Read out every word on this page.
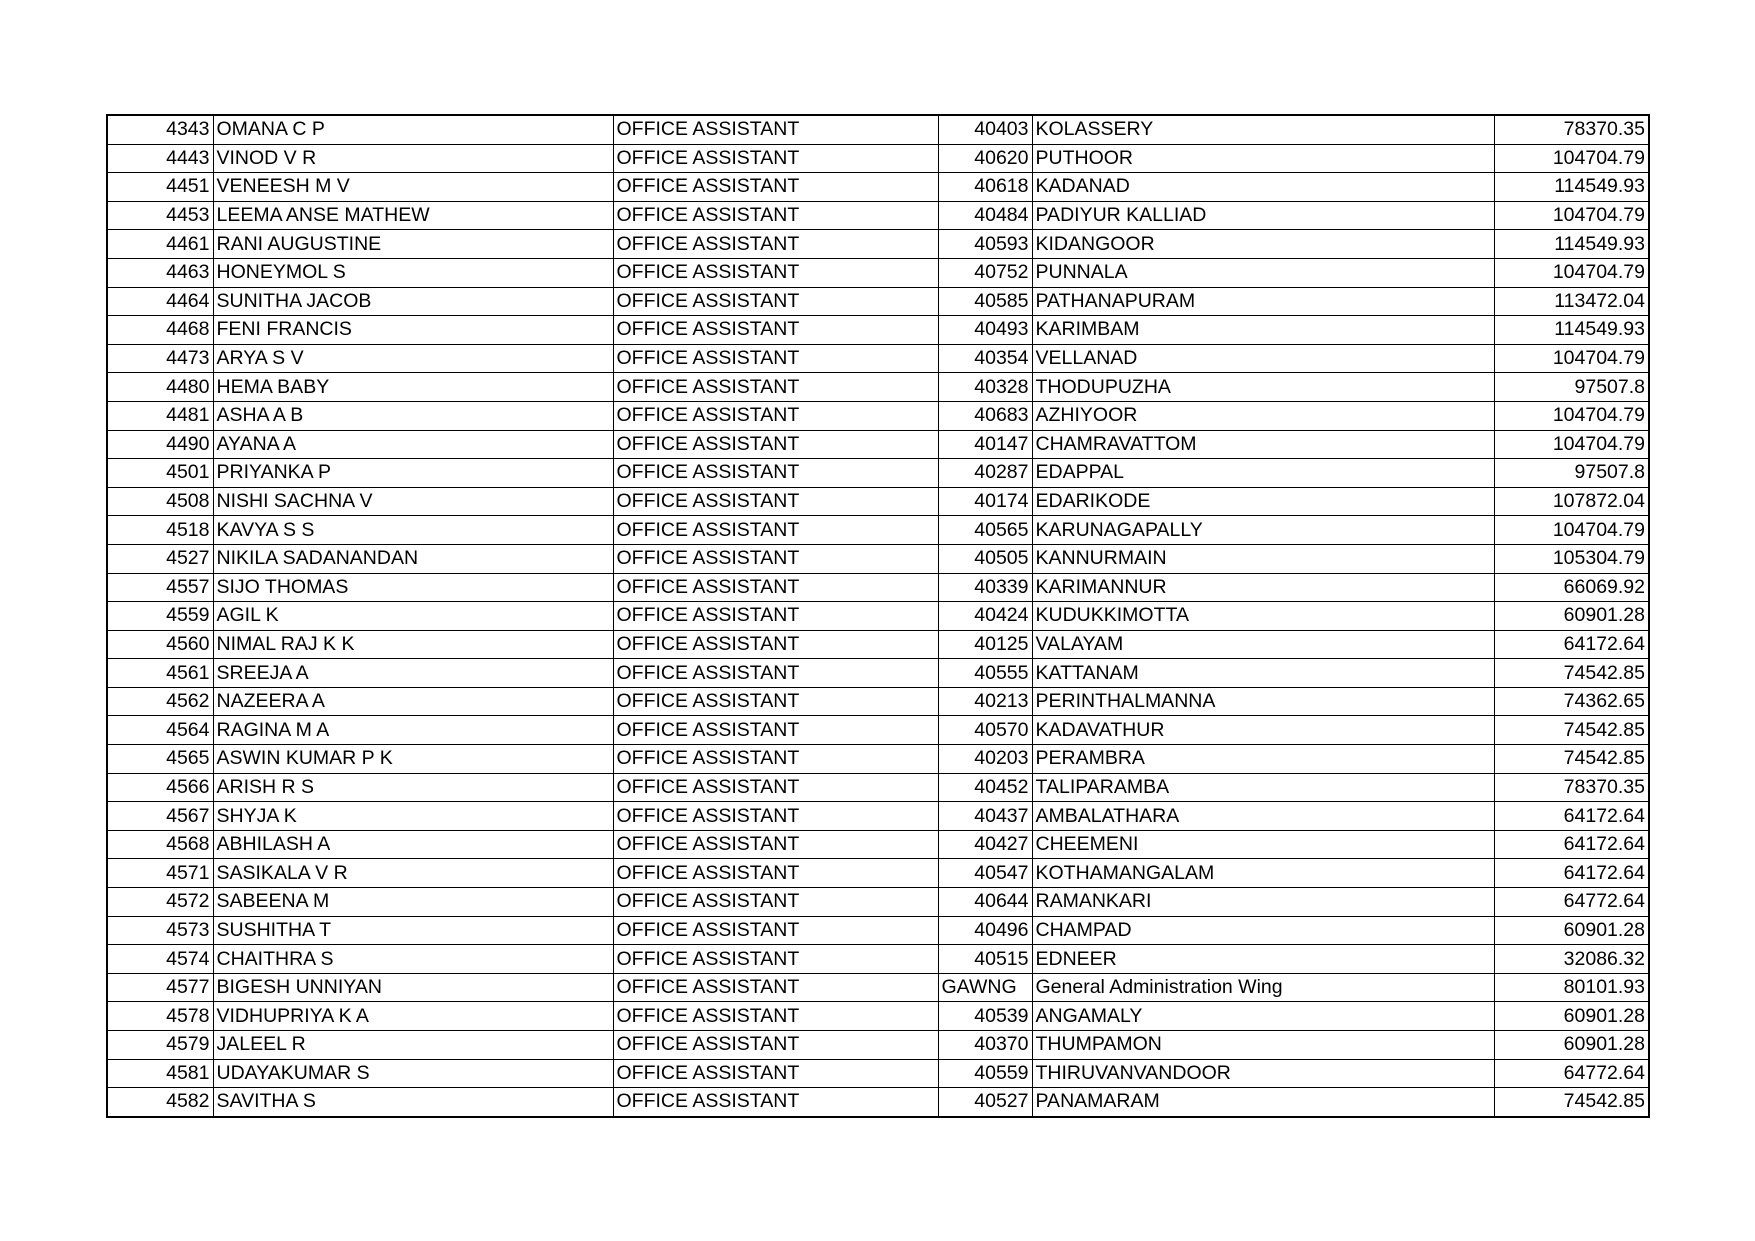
4343	OMANA C P	OFFICE ASSISTANT	40403	KOLASSERY	78370.35
4443	VINOD V R	OFFICE ASSISTANT	40620	PUTHOOR	104704.79
4451	VENEESH M V	OFFICE ASSISTANT	40618	KADANAD	114549.93
4453	LEEMA ANSE MATHEW	OFFICE ASSISTANT	40484	PADIYUR KALLIAD	104704.79
4461	RANI AUGUSTINE	OFFICE ASSISTANT	40593	KIDANGOOR	114549.93
4463	HONEYMOL S	OFFICE ASSISTANT	40752	PUNNALA	104704.79
4464	SUNITHA JACOB	OFFICE ASSISTANT	40585	PATHANAPURAM	113472.04
4468	FENI FRANCIS	OFFICE ASSISTANT	40493	KARIMBAM	114549.93
4473	ARYA S V	OFFICE ASSISTANT	40354	VELLANAD	104704.79
4480	HEMA BABY	OFFICE ASSISTANT	40328	THODUPUZHA	97507.8
4481	ASHA A B	OFFICE ASSISTANT	40683	AZHIYOOR	104704.79
4490	AYANA A	OFFICE ASSISTANT	40147	CHAMRAVATTOM	104704.79
4501	PRIYANKA P	OFFICE ASSISTANT	40287	EDAPPAL	97507.8
4508	NISHI SACHNA V	OFFICE ASSISTANT	40174	EDARIKODE	107872.04
4518	KAVYA S S	OFFICE ASSISTANT	40565	KARUNAGAPALLY	104704.79
4527	NIKILA SADANANDAN	OFFICE ASSISTANT	40505	KANNURMAIN	105304.79
4557	SIJO THOMAS	OFFICE ASSISTANT	40339	KARIMANNUR	66069.92
4559	AGIL K	OFFICE ASSISTANT	40424	KUDUKKIMOTTA	60901.28
4560	NIMAL RAJ K K	OFFICE ASSISTANT	40125	VALAYAM	64172.64
4561	SREEJA A	OFFICE ASSISTANT	40555	KATTANAM	74542.85
4562	NAZEERA A	OFFICE ASSISTANT	40213	PERINTHALMANNA	74362.65
4564	RAGINA M A	OFFICE ASSISTANT	40570	KADAVATHUR	74542.85
4565	ASWIN KUMAR P K	OFFICE ASSISTANT	40203	PERAMBRA	74542.85
4566	ARISH R S	OFFICE ASSISTANT	40452	TALIPARAMBA	78370.35
4567	SHYJA K	OFFICE ASSISTANT	40437	AMBALATHARA	64172.64
4568	ABHILASH A	OFFICE ASSISTANT	40427	CHEEMENI	64172.64
4571	SASIKALA V R	OFFICE ASSISTANT	40547	KOTHAMANGALAM	64172.64
4572	SABEENA M	OFFICE ASSISTANT	40644	RAMANKARI	64772.64
4573	SUSHITHA T	OFFICE ASSISTANT	40496	CHAMPAD	60901.28
4574	CHAITHRA S	OFFICE ASSISTANT	40515	EDNEER	32086.32
4577	BIGESH UNNIYAN	OFFICE ASSISTANT	GAWNG	General Administration Wing	80101.93
4578	VIDHUPRIYA K A	OFFICE ASSISTANT	40539	ANGAMALY	60901.28
4579	JALEEL R	OFFICE ASSISTANT	40370	THUMPAMON	60901.28
4581	UDAYAKUMAR S	OFFICE ASSISTANT	40559	THIRUVANVANDOOR	64772.64
4582	SAVITHA S	OFFICE ASSISTANT	40527	PANAMARAM	74542.85
